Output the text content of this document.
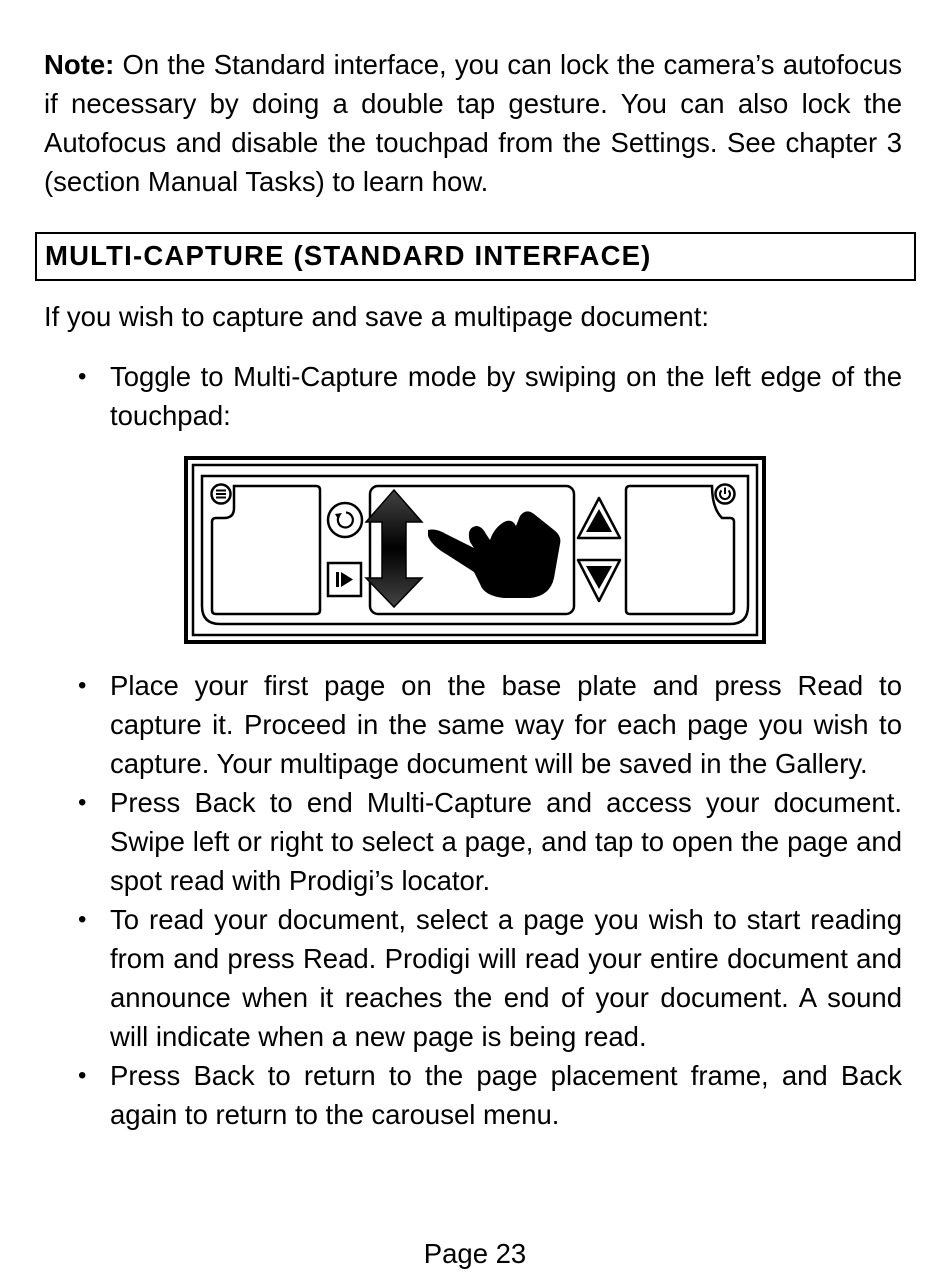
Note: On the Standard interface, you can lock the camera’s autofocus if necessary by doing a double tap gesture. You can also lock the Autofocus and disable the touchpad from the Settings. See chapter 3 (section Manual Tasks) to learn how.

MULTI-CAPTURE (STANDARD INTERFACE)

If you wish to capture and save a multipage document:

• Toggle to Multi-Capture mode by swiping on the left edge of the touchpad:
• Place your first page on the base plate and press Read to capture it. Proceed in the same way for each page you wish to capture. Your multipage document will be saved in the Gallery.
• Press Back to end Multi-Capture and access your document. Swipe left or right to select a page, and tap to open the page and spot read with Prodigi’s locator.
• To read your document, select a page you wish to start reading from and press Read. Prodigi will read your entire document and announce when it reaches the end of your document. A sound will indicate when a new page is being read.
• Press Back to return to the page placement frame, and Back again to return to the carousel menu.
Page 23
